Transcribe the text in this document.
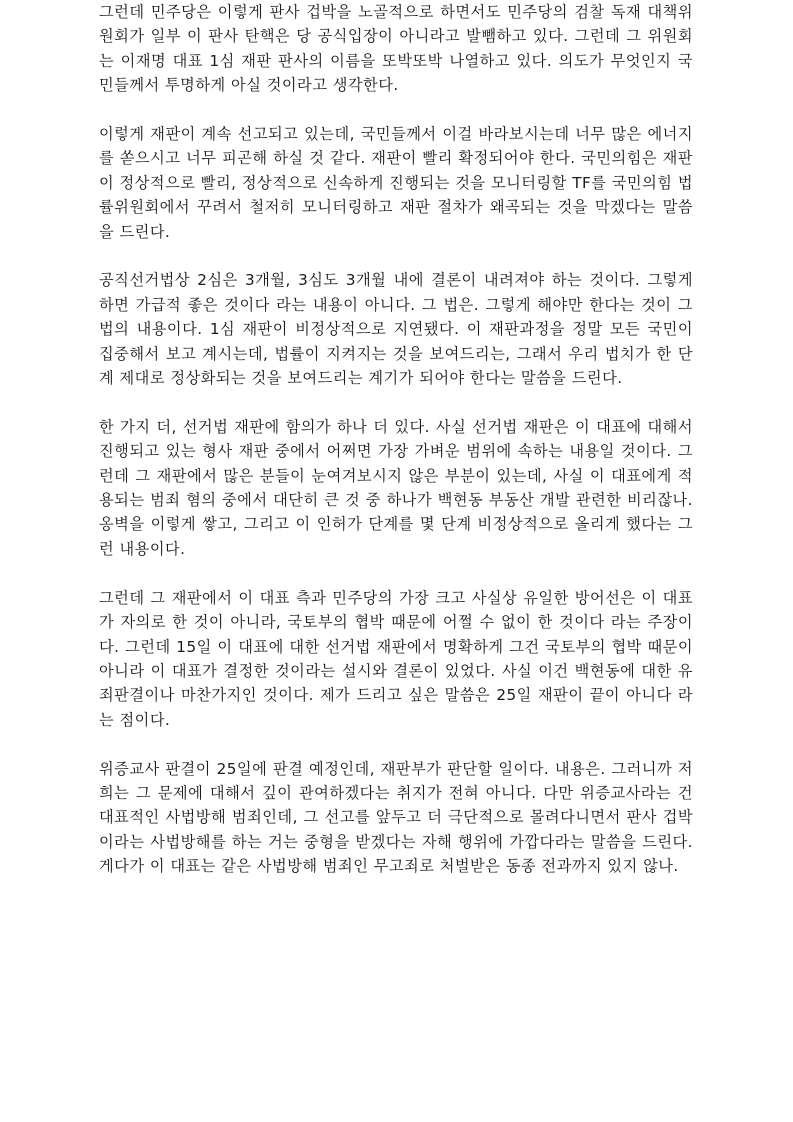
그런데 민주당은 이렇게 판사 겁박을 노골적으로 하면서도 민주당의 검찰 독재 대책위원회가 일부 이 판사 탄핵은 당 공식입장이 아니라고 발뺌하고 있다. 그런데 그 위원회는 이재명 대표 1심 재판 판사의 이름을 또박또박 나열하고 있다. 의도가 무엇인지 국민들께서 투명하게 아실 것이라고 생각한다.

이렇게 재판이 계속 선고되고 있는데, 국민들께서 이걸 바라보시는데 너무 많은 에너지를 쏟으시고 너무 피곤해 하실 것 같다. 재판이 빨리 확정되어야 한다. 국민의힘은 재판이 정상적으로 빨리, 정상적으로 신속하게 진행되는 것을 모니터링할 TF를 국민의힘 법률위원회에서 꾸려서 철저히 모니터링하고 재판 절차가 왜곡되는 것을 막겠다는 말씀을 드린다.

공직선거법상 2심은 3개월, 3심도 3개월 내에 결론이 내려져야 하는 것이다. 그렇게 하면 가급적 좋은 것이다 라는 내용이 아니다. 그 법은. 그렇게 해야만 한다는 것이 그 법의 내용이다. 1심 재판이 비정상적으로 지연됐다. 이 재판과정을 정말 모든 국민이 집중해서 보고 계시는데, 법률이 지켜지는 것을 보여드리는, 그래서 우리 법치가 한 단계 제대로 정상화되는 것을 보여드리는 계기가 되어야 한다는 말씀을 드린다.

한 가지 더, 선거법 재판에 함의가 하나 더 있다. 사실 선거법 재판은 이 대표에 대해서 진행되고 있는 형사 재판 중에서 어쩌면 가장 가벼운 범위에 속하는 내용일 것이다. 그런데 그 재판에서 많은 분들이 눈여겨보시지 않은 부분이 있는데, 사실 이 대표에게 적용되는 범죄 혐의 중에서 대단히 큰 것 중 하나가 백현동 부동산 개발 관련한 비리잖나. 옹벽을 이렇게 쌓고, 그리고 이 인허가 단계를 몇 단계 비정상적으로 올리게 했다는 그런 내용이다.

그런데 그 재판에서 이 대표 측과 민주당의 가장 크고 사실상 유일한 방어선은 이 대표가 자의로 한 것이 아니라, 국토부의 협박 때문에 어쩔 수 없이 한 것이다 라는 주장이다. 그런데 15일 이 대표에 대한 선거법 재판에서 명확하게 그건 국토부의 협박 때문이 아니라 이 대표가 결정한 것이라는 설시와 결론이 있었다. 사실 이건 백현동에 대한 유죄판결이나 마찬가지인 것이다. 제가 드리고 싶은 말씀은 25일 재판이 끝이 아니다 라는 점이다.

위증교사 판결이 25일에 판결 예정인데, 재판부가 판단할 일이다. 내용은. 그러니까 저희는 그 문제에 대해서 깊이 관여하겠다는 취지가 전혀 아니다. 다만 위증교사라는 건 대표적인 사법방해 범죄인데, 그 선고를 앞두고 더 극단적으로 몰려다니면서 판사 겁박이라는 사법방해를 하는 거는 중형을 받겠다는 자해 행위에 가깝다라는 말씀을 드린다. 게다가 이 대표는 같은 사법방해 범죄인 무고죄로 처벌받은 동종 전과까지 있지 않나.
